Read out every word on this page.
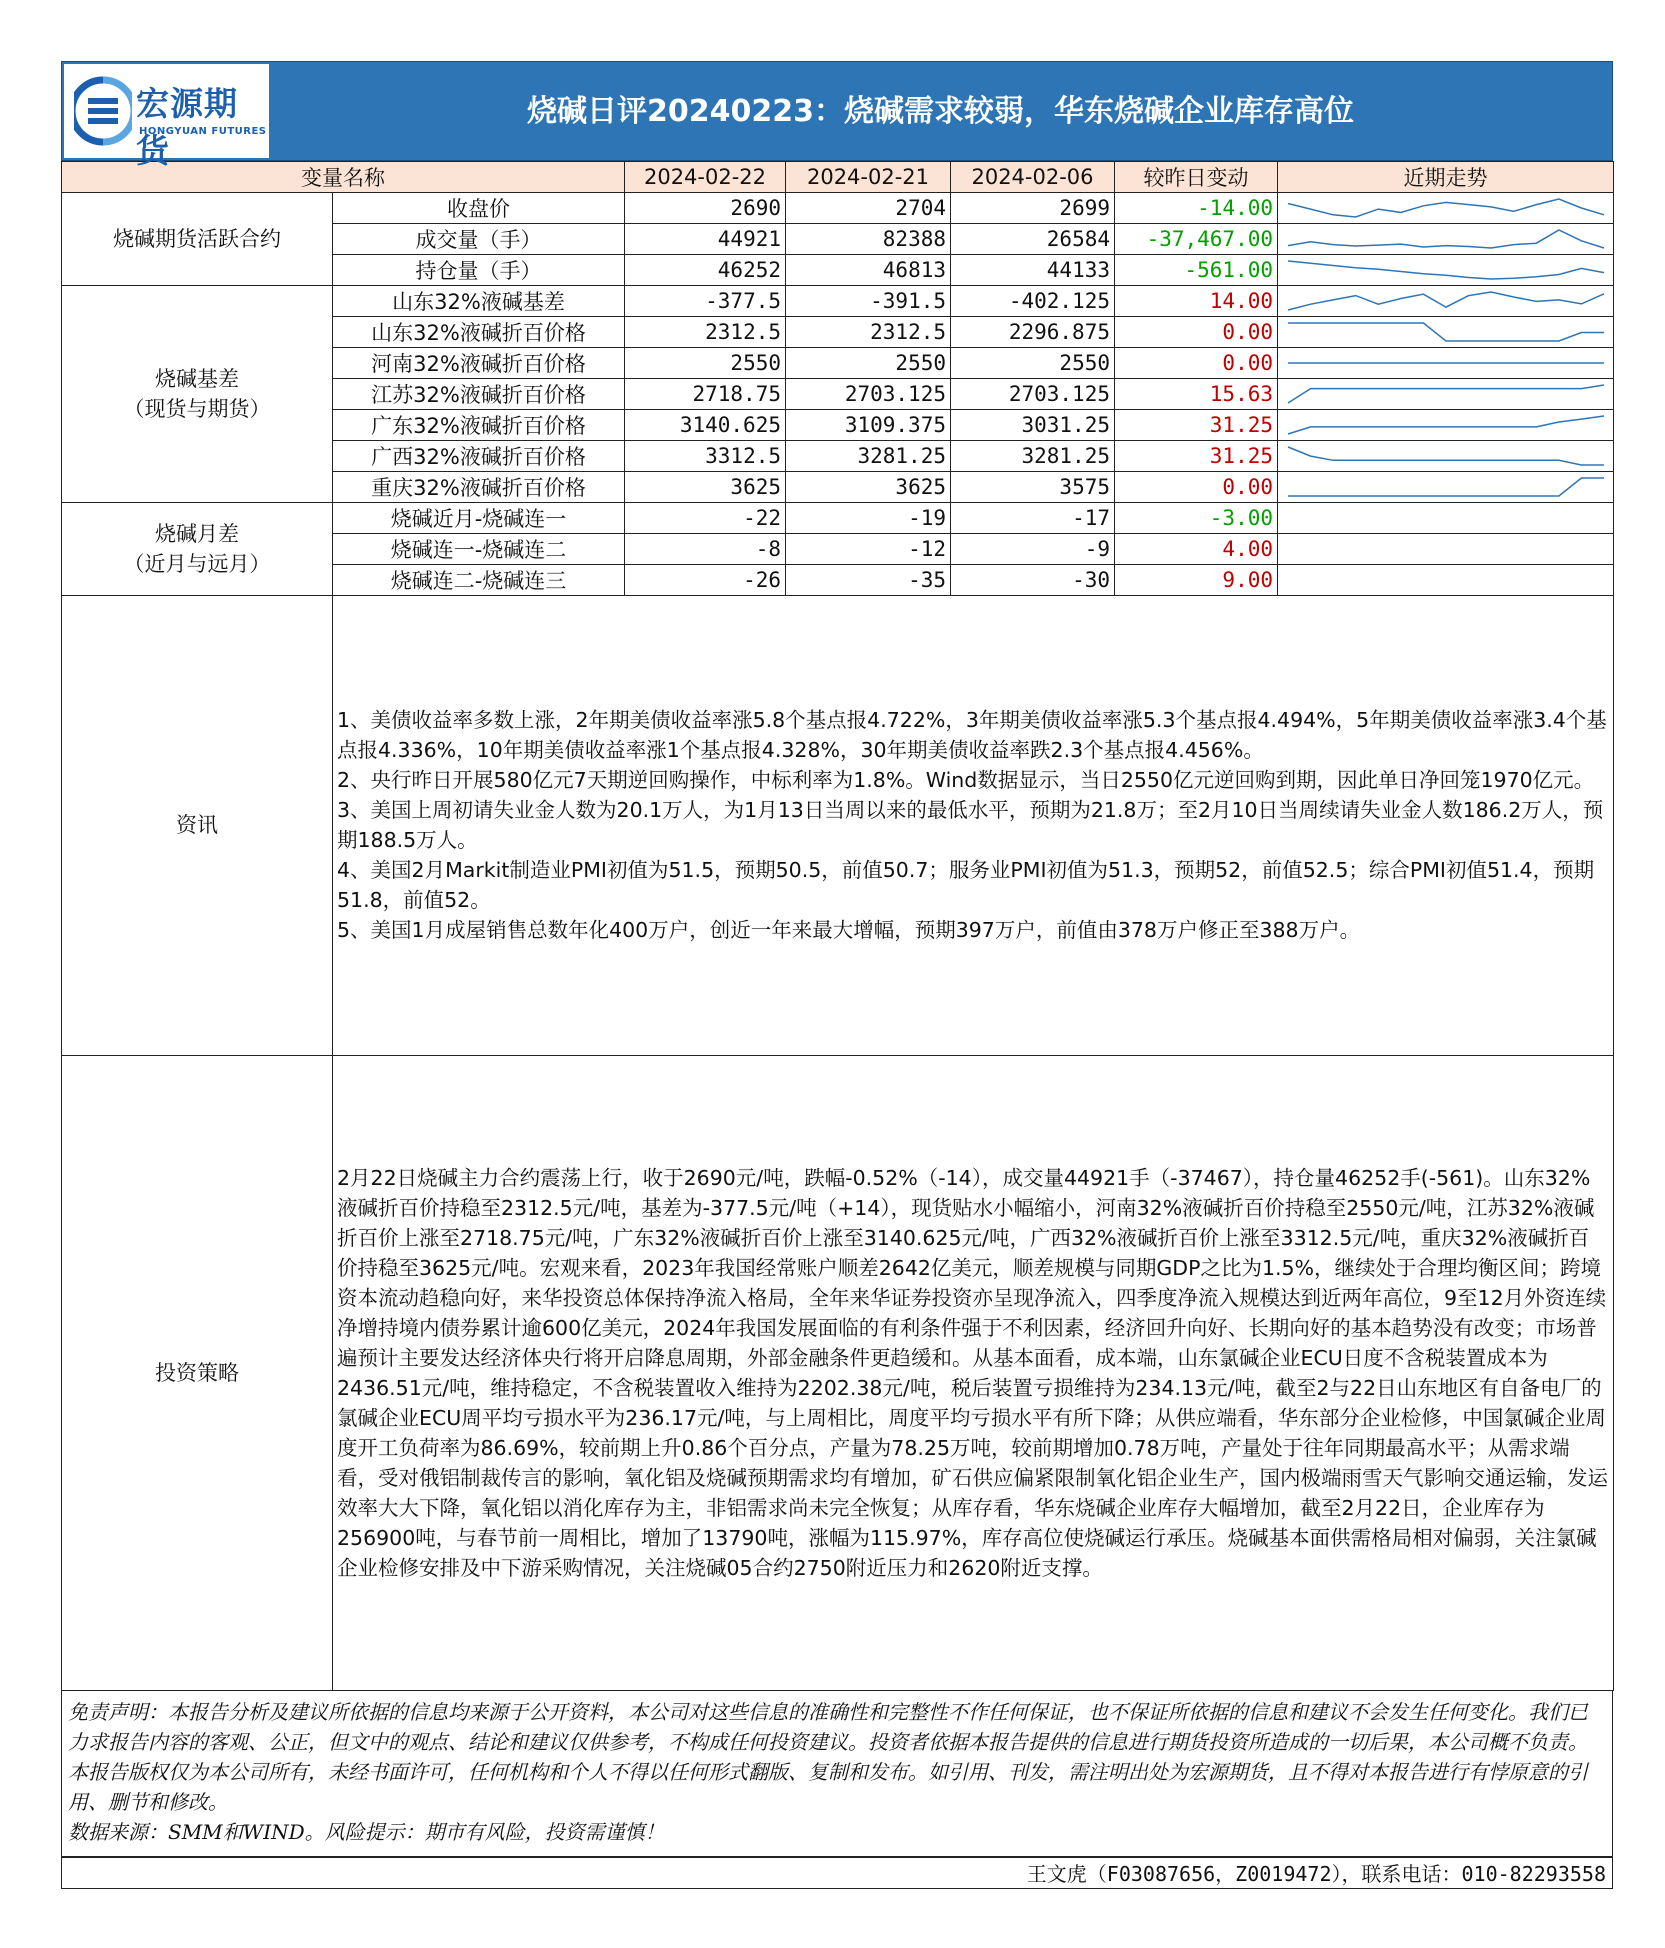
宏源期货
HONGYUAN FUTURES
烧碱日评20240223：烧碱需求较弱，华东烧碱企业库存高位
变量名称		2024-02-22	2024-02-21	2024-02-06	较昨日变动	近期走势

烧碱期货活跃合约	收盘价	2690	2704	2699	-14.00	

	成交量（手）	44921	82388	26584	-37,467.00	

	持仓量（手）	46252	46813	44133	-561.00	

烧碱基差
（现货与期货）	山东32%液碱基差	-377.5	-391.5	-402.125	14.00	

	山东32%液碱折百价格	2312.5	2312.5	2296.875	0.00	

	河南32%液碱折百价格	2550	2550	2550	0.00	

	江苏32%液碱折百价格	2718.75	2703.125	2703.125	15.63	

	广东32%液碱折百价格	3140.625	3109.375	3031.25	31.25	

	广西32%液碱折百价格	3312.5	3281.25	3281.25	31.25	

	重庆32%液碱折百价格	3625	3625	3575	0.00	

烧碱月差
（近月与远月）	烧碱近月-烧碱连一	-22	-19	-17	-3.00	
	烧碱连一-烧碱连二	-8	-12	-9	4.00	
	烧碱连二-烧碱连三	-26	-35	-30	9.00	
资讯	1、美债收益率多数上涨，2年期美债收益率涨5.8个基点报4.722%，3年期美债收益率涨5.3个基点报4.494%，5年期美债收益率涨3.4个基点报4.336%，10年期美债收益率涨1个基点报4.328%，30年期美债收益率跌2.3个基点报4.456%。

2、央行昨日开展580亿元7天期逆回购操作，中标利率为1.8%。Wind数据显示，当日2550亿元逆回购到期，因此单日净回笼1970亿元。

3、美国上周初请失业金人数为20.1万人，为1月13日当周以来的最低水平，预期为21.8万；至2月10日当周续请失业金人数186.2万人，预期188.5万人。

4、美国2月Markit制造业PMI初值为51.5，预期50.5，前值50.7；服务业PMI初值为51.3，预期52，前值52.5；综合PMI初值51.4，预期51.8，前值52。

5、美国1月成屋销售总数年化400万户，创近一年来最大增幅，预期397万户，前值由378万户修正至388万户。

投资策略	2月22日烧碱主力合约震荡上行，收于2690元/吨，跌幅-0.52%（-14），成交量44921手（-37467），持仓量46252手(-561)。山东32%液碱折百价持稳至2312.5元/吨，基差为-377.5元/吨（+14），现货贴水小幅缩小，河南32%液碱折百价持稳至2550元/吨，江苏32%液碱折百价上涨至2718.75元/吨，广东32%液碱折百价上涨至3140.625元/吨，广西32%液碱折百价上涨至3312.5元/吨，重庆32%液碱折百价持稳至3625元/吨。宏观来看，2023年我国经常账户顺差2642亿美元，顺差规模与同期GDP之比为1.5%，继续处于合理均衡区间；跨境资本流动趋稳向好，来华投资总体保持净流入格局，全年来华证券投资亦呈现净流入，四季度净流入规模达到近两年高位，9至12月外资连续净增持境内债券累计逾600亿美元，2024年我国发展面临的有利条件强于不利因素，经济回升向好、长期向好的基本趋势没有改变；市场普遍预计主要发达经济体央行将开启降息周期，外部金融条件更趋缓和。从基本面看，成本端，山东氯碱企业ECU日度不含税装置成本为2436.51元/吨，维持稳定，不含税装置收入维持为2202.38元/吨，税后装置亏损维持为234.13元/吨，截至2与22日山东地区有自备电厂的氯碱企业ECU周平均亏损水平为236.17元/吨，与上周相比，周度平均亏损水平有所下降；从供应端看，华东部分企业检修，中国氯碱企业周度开工负荷率为86.69%，较前期上升0.86个百分点，产量为78.25万吨，较前期增加0.78万吨，产量处于往年同期最高水平；从需求端看，受对俄铝制裁传言的影响，氧化铝及烧碱预期需求均有增加，矿石供应偏紧限制氧化铝企业生产，国内极端雨雪天气影响交通运输，发运效率大大下降，氧化铝以消化库存为主，非铝需求尚未完全恢复；从库存看，华东烧碱企业库存大幅增加，截至2月22日，企业库存为256900吨，与春节前一周相比，增加了13790吨，涨幅为115.97%，库存高位使烧碱运行承压。烧碱基本面供需格局相对偏弱，关注氯碱企业检修安排及中下游采购情况，关注烧碱05合约2750附近压力和2620附近支撑。
免责声明：本报告分析及建议所依据的信息均来源于公开资料，本公司对这些信息的准确性和完整性不作任何保证，也不保证所依据的信息和建议不会发生任何变化。我们已力求报告内容的客观、公正，但文中的观点、结论和建议仅供参考，不构成任何投资建议。投资者依据本报告提供的信息进行期货投资所造成的一切后果，本公司概不负责。本报告版权仅为本公司所有，未经书面许可，任何机构和个人不得以任何形式翻版、复制和发布。如引用、刊发，需注明出处为宏源期货，且不得对本报告进行有悖原意的引用、删节和修改。
数据来源：SMM和WIND。风险提示：期市有风险，投资需谨慎！
王文虎（F03087656，Z0019472），联系电话：010-82293558
